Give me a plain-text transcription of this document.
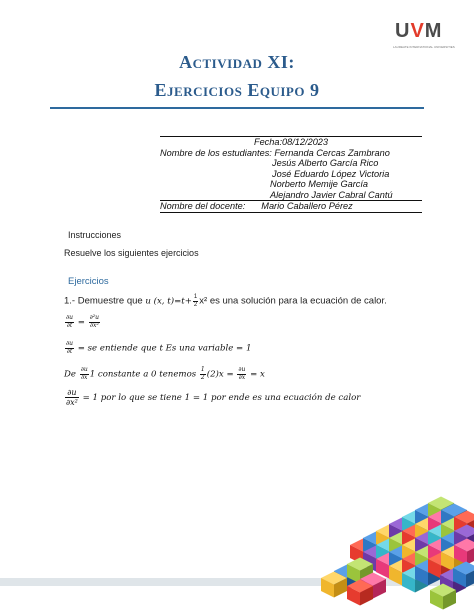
UVM
LAUREATE INTERNATIONAL UNIVERSITIES
Actividad XI:
Ejercicios Equipo 9
Fecha:08/12/2023
Nombre de los estudiantes: Fernanda Cercas Zambrano
Jesús Alberto García Rico
José Eduardo López Victoria
Norberto Memije García
Alejandro Javier Cabral Cantú
Nombre del docente: Mario Caballero Pérez
Instrucciones
Resuelve los siguientes ejercicios
Ejercicios
1.- Demuestre que u (x, $t)=t+ \frac{1}{2} x^2$ es una solución para la ecuación de calor.
$\frac{\partial u}{\partial t} = \frac{\text{∂²u}}{\text{∂x²}}$
$\frac{\partial u}{\partial t}$ = se entiende que t Es una variable = 1
De $\frac{\partial u}{\partial x} 1$ constante a 0 tenemos $\frac{1}{2} (2)x = \frac{\partial u}{\partial x} = x$
$\frac{\partial u}{\text{∂x²}} = 1$ por lo que se tiene 1 = 1 por ende es una ecuación de calor
